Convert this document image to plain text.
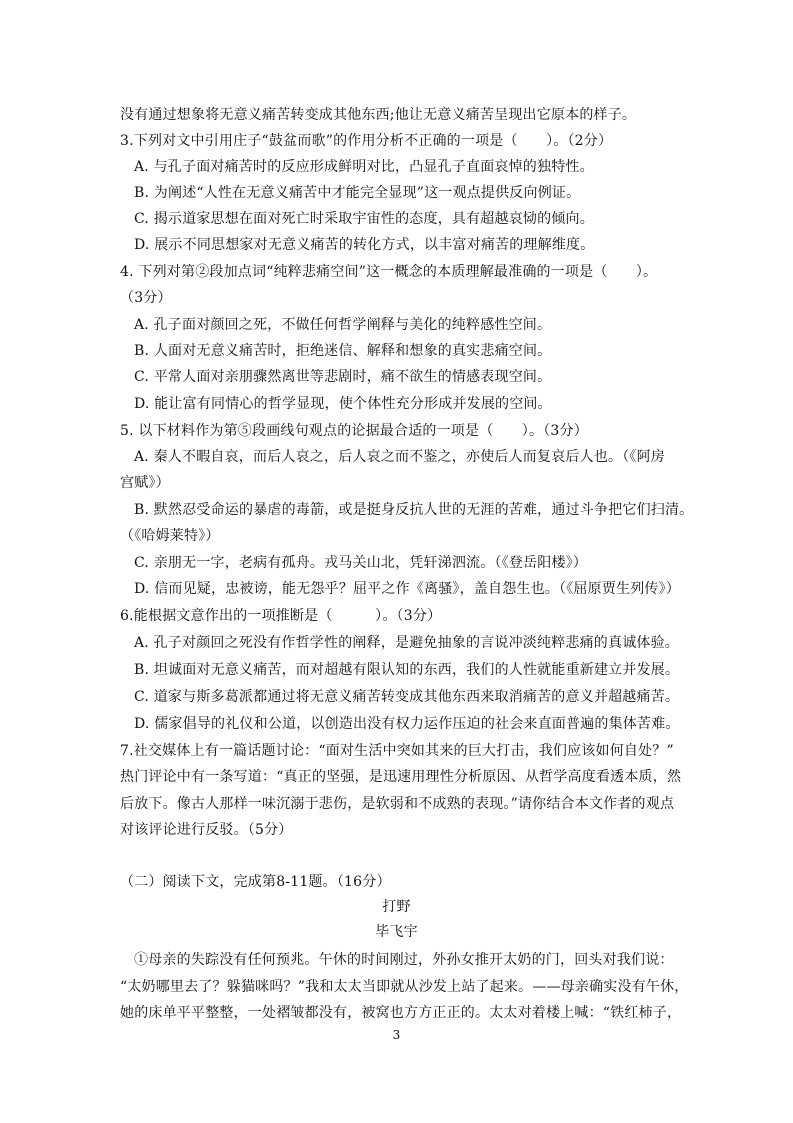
没有通过想象将无意义痛苦转变成其他东西;他让无意义痛苦呈现出它原本的样子。
3.下列对文中引用庄子“鼓盆而歌”的作用分析不正确的一项是（　　）。（2分）
A. 与孔子面对痛苦时的反应形成鲜明对比，凸显孔子直面哀悼的独特性。
B. 为阐述“人性在无意义痛苦中才能完全显现”这一观点提供反向例证。
C. 揭示道家思想在面对死亡时采取宇宙性的态度，具有超越哀恸的倾向。
D. 展示不同思想家对无意义痛苦的转化方式，以丰富对痛苦的理解维度。
4. 下列对第②段加点词“纯粹悲痛空间”这一概念的本质理解最准确的一项是（　　）。
（3分）
A. 孔子面对颜回之死，不做任何哲学阐释与美化的纯粹感性空间。
B. 人面对无意义痛苦时，拒绝迷信、解释和想象的真实悲痛空间。
C. 平常人面对亲朋骤然离世等悲剧时，痛不欲生的情感表现空间。
D. 能让富有同情心的哲学显现，使个体性充分形成并发展的空间。
5. 以下材料作为第⑤段画线句观点的论据最合适的一项是（　　）。（3分）
A. 秦人不暇自哀，而后人哀之，后人哀之而不鉴之，亦使后人而复哀后人也。（《阿房
宫赋》）
B. 默然忍受命运的暴虐的毒箭，或是挺身反抗人世的无涯的苦难，通过斗争把它们扫清。
（《哈姆莱特》）
C. 亲朋无一字，老病有孤舟。戎马关山北，凭轩涕泗流。（《登岳阳楼》）
D. 信而见疑，忠被谤，能无怨乎？屈平之作《离骚》，盖自怨生也。（《屈原贾生列传》）
6.能根据文意作出的一项推断是（　　　）。（3分）
A. 孔子对颜回之死没有作哲学性的阐释，是避免抽象的言说冲淡纯粹悲痛的真诚体验。
B. 坦诚面对无意义痛苦，而对超越有限认知的东西，我们的人性就能重新建立并发展。
C. 道家与斯多葛派都通过将无意义痛苦转变成其他东西来取消痛苦的意义并超越痛苦。
D. 儒家倡导的礼仪和公道，以创造出没有权力运作压迫的社会来直面普遍的集体苦难。
7.社交媒体上有一篇话题讨论：“面对生活中突如其来的巨大打击，我们应该如何自处？”
热门评论中有一条写道：“真正的坚强，是迅速用理性分析原因、从哲学高度看透本质，然
后放下。像古人那样一味沉溺于悲伤，是软弱和不成熟的表现。”请你结合本文作者的观点
对该评论进行反驳。（5分）
（二）阅读下文，完成第8-11题。（16分）
打野
毕飞宇
①母亲的失踪没有任何预兆。午休的时间刚过，外孙女推开太奶的门，回头对我们说：
“太奶哪里去了？躲猫咪吗？”我和太太当即就从沙发上站了起来。——母亲确实没有午休，
她的床单平平整整，一处褶皱都没有，被窝也方方正正的。太太对着楼上喊：“铁红柿子，
3
